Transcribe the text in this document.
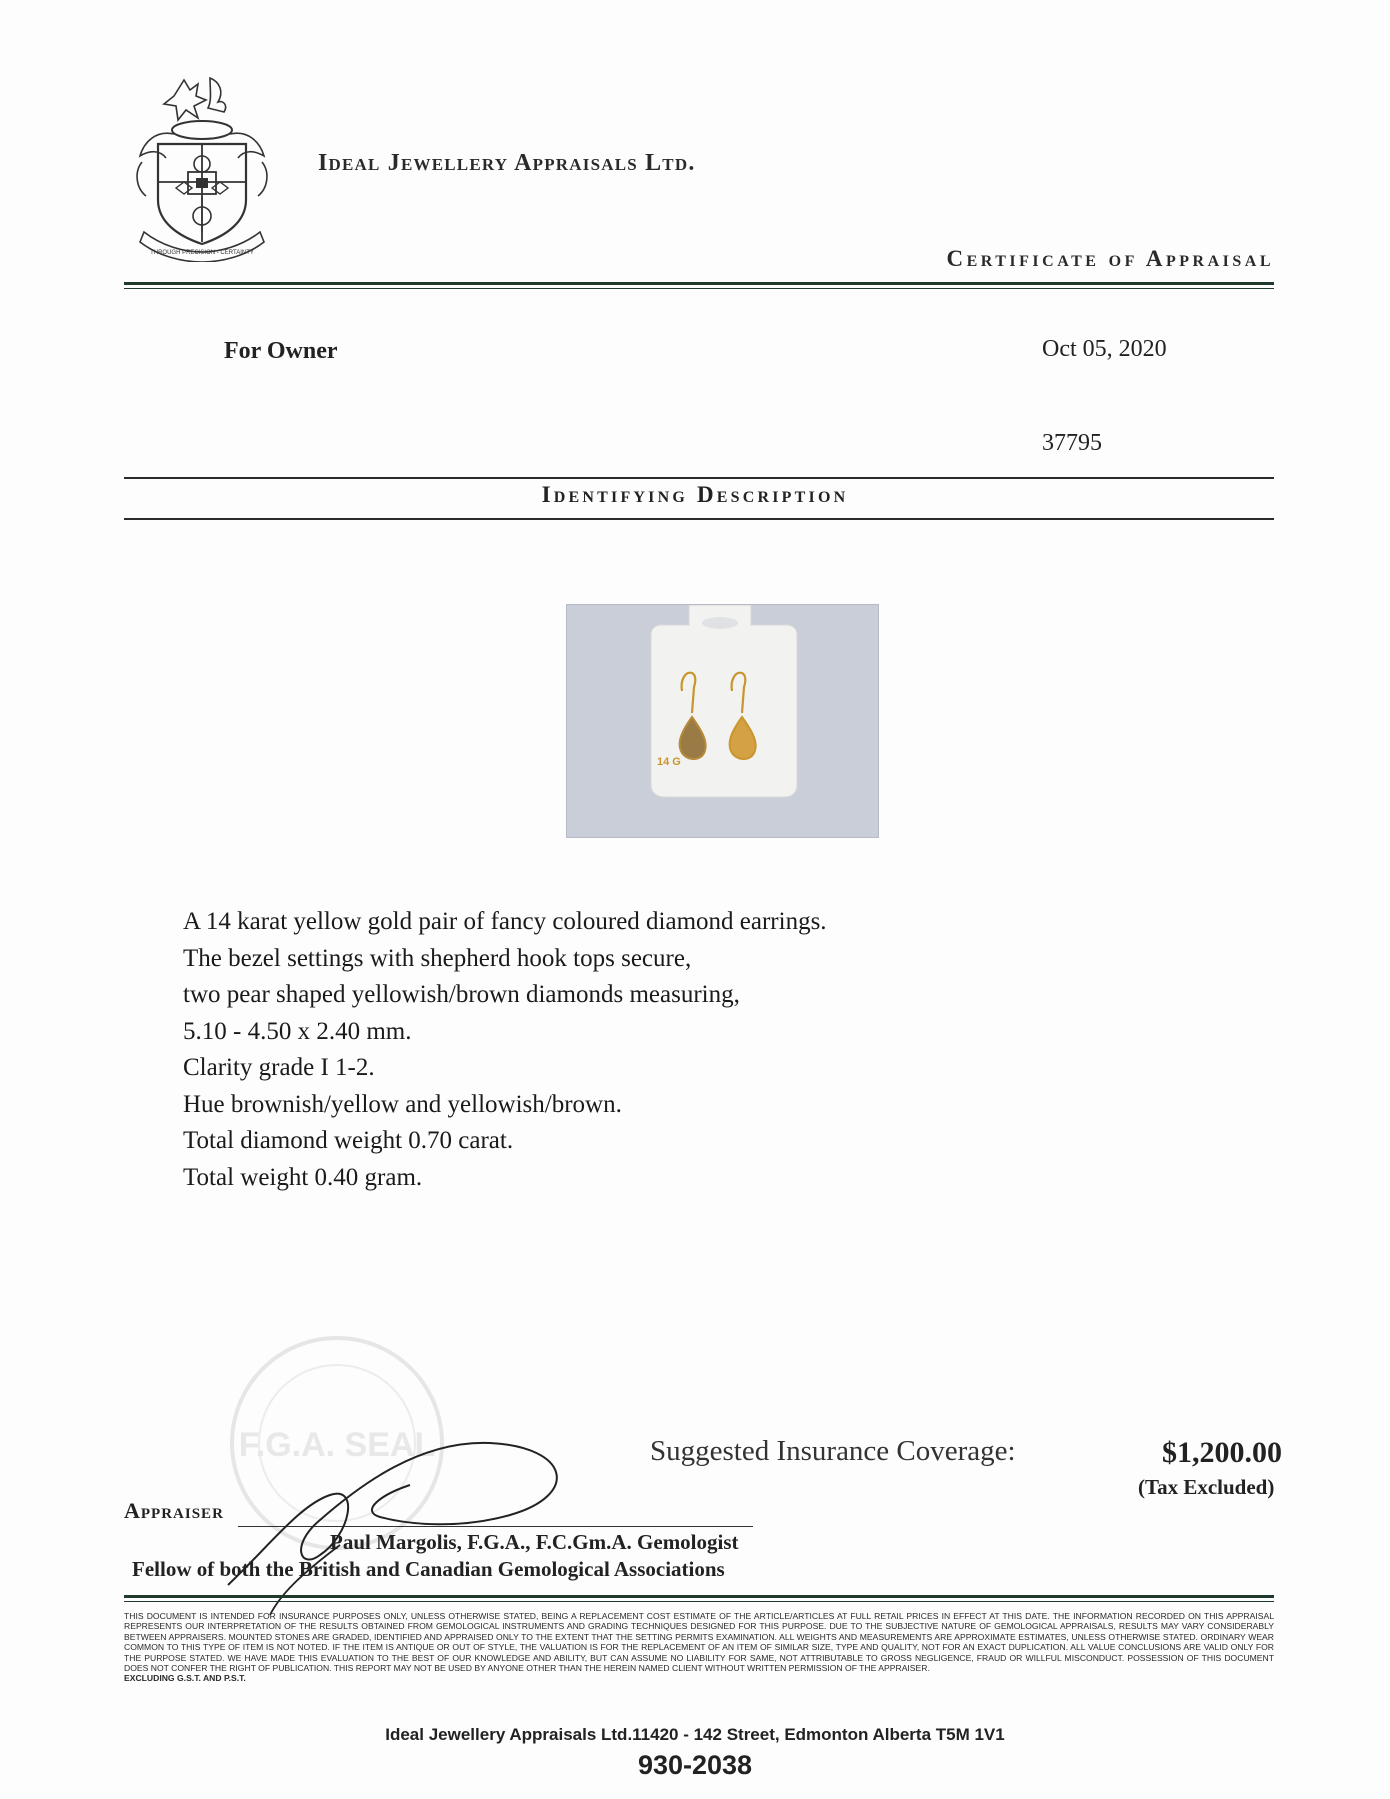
THROUGH PRECISION - CERTAINTY
Ideal Jewellery Appraisals Ltd.
Certificate of Appraisal
For Owner	Oct 05, 2020
37795
Identifying Description
14 G
A 14 karat yellow gold pair of fancy coloured diamond earrings.
The bezel settings with shepherd hook tops secure,
two pear shaped yellowish/brown diamonds measuring,
5.10 - 4.50 x 2.40 mm.
Clarity grade I 1-2.
Hue brownish/yellow and yellowish/brown.
Total diamond weight 0.70 carat.
Total weight 0.40 gram.
F.G.A. SEAL	Suggested Insurance Coverage:	$1,200.00
(Tax Excluded)
Appraiser
Paul Margolis, F.G.A., F.C.Gm.A. Gemologist
Fellow of both the British and Canadian Gemological Associations
THIS DOCUMENT IS INTENDED FOR INSURANCE PURPOSES ONLY, UNLESS OTHERWISE STATED, BEING A REPLACEMENT COST ESTIMATE OF THE ARTICLE/ARTICLES AT FULL RETAIL PRICES IN EFFECT AT THIS DATE. THE INFORMATION RECORDED ON THIS APPRAISAL REPRESENTS OUR INTERPRETATION OF THE RESULTS OBTAINED FROM GEMOLOGICAL INSTRUMENTS AND GRADING TECHNIQUES DESIGNED FOR THIS PURPOSE. DUE TO THE SUBJECTIVE NATURE OF GEMOLOGICAL APPRAISALS, RESULTS MAY VARY CONSIDERABLY BETWEEN APPRAISERS. MOUNTED STONES ARE GRADED, IDENTIFIED AND APPRAISED ONLY TO THE EXTENT THAT THE SETTING PERMITS EXAMINATION. ALL WEIGHTS AND MEASUREMENTS ARE APPROXIMATE ESTIMATES, UNLESS OTHERWISE STATED. ORDINARY WEAR COMMON TO THIS TYPE OF ITEM IS NOT NOTED. IF THE ITEM IS ANTIQUE OR OUT OF STYLE, THE VALUATION IS FOR THE REPLACEMENT OF AN ITEM OF SIMILAR SIZE, TYPE AND QUALITY, NOT FOR AN EXACT DUPLICATION. ALL VALUE CONCLUSIONS ARE VALID ONLY FOR THE PURPOSE STATED. WE HAVE MADE THIS EVALUATION TO THE BEST OF OUR KNOWLEDGE AND ABILITY, BUT CAN ASSUME NO LIABILITY FOR SAME, NOT ATTRIBUTABLE TO GROSS NEGLIGENCE, FRAUD OR WILLFUL MISCONDUCT. POSSESSION OF THIS DOCUMENT DOES NOT CONFER THE RIGHT OF PUBLICATION. THIS REPORT MAY NOT BE USED BY ANYONE OTHER THAN THE HEREIN NAMED CLIENT WITHOUT WRITTEN PERMISSION OF THE APPRAISER.
EXCLUDING G.S.T. AND P.S.T.
Ideal Jewellery Appraisals Ltd.11420 - 142 Street, Edmonton Alberta T5M 1V1
930-2038
